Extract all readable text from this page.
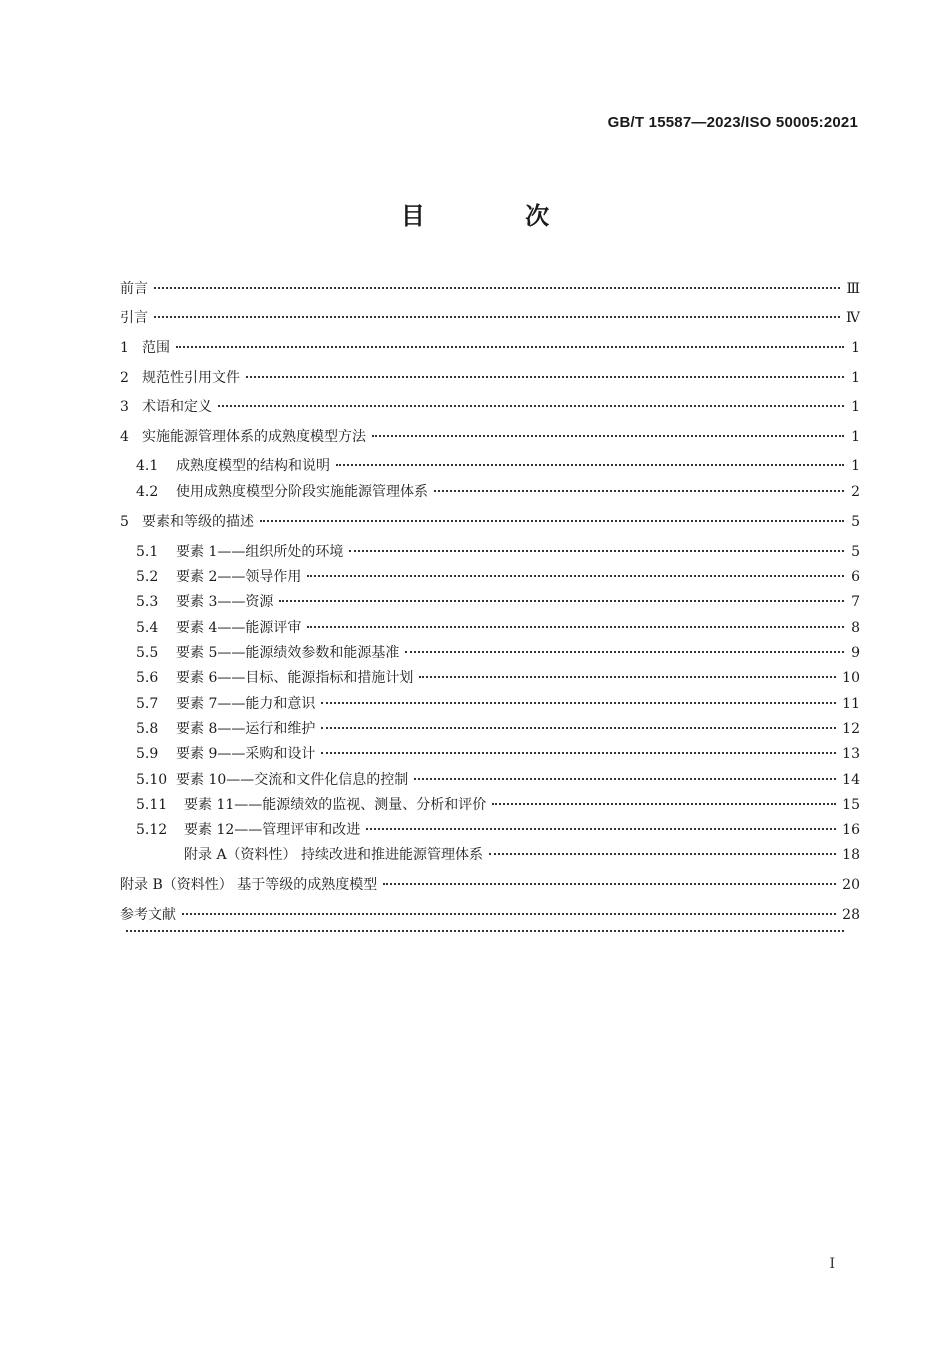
GB/T 15587—2023/ISO 50005:2021
目 次
前言	Ⅲ
引言	Ⅳ
1 范围	1
2 规范性引用文件	1
3 术语和定义	1
4 实施能源管理体系的成熟度模型方法	1
4.1	成熟度模型的结构和说明	1
4.2	使用成熟度模型分阶段实施能源管理体系	2
5 要素和等级的描述	5
5.1	要素 1——组织所处的环境	5
5.2	要素 2——领导作用	6
5.3	要素 3——资源	7
5.4	要素 4——能源评审	8
5.5	要素 5——能源绩效参数和能源基准	9
5.6	要素 6——目标、能源指标和措施计划	10
5.7	要素 7——能力和意识	11
5.8	要素 8——运行和维护	12
5.9	要素 9——采购和设计	13
5.10 要素 10——交流和文件化信息的控制	14
5.11	要素 11——能源绩效的监视、测量、分析和评价	15
5.12	要素 12——管理评审和改进	16
附录 A（资料性） 持续改进和推进能源管理体系	18
附录 B（资料性） 基于等级的成熟度模型	20
参考文献	28
I
